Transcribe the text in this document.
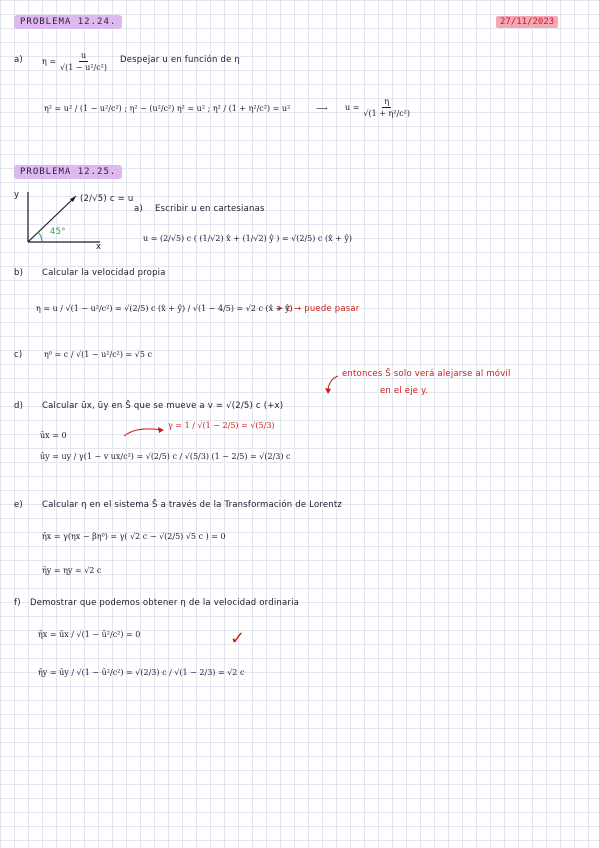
PROBLEMA 12.24.	27/11/2023
a) $\eta = \frac{u}{\text{√(1 − u²/c²)}}$ Despejar u en función de η
η² = u² / (1 − u²/c²) ; η² − (u²/c²) η² = u² ; η² / (1 + η²/c²) = u²	⟶ $u = \frac{\eta}{\text{√(1 + η²/c²)}}$
PROBLEMA 12.25.
y
x
45°
(2/√5) c = u
a) Escribir u en cartesianas
u = (2/√5) c ( (1/√2) x̂ + (1/√2) ŷ ) = √(2/5) c (x̂ + ŷ)
b) Calcular la velocidad propia
η = u / √(1 − u²/c²) = √(2/5) c (x̂ + ŷ) / √(1 − 4/5) = √2 c (x̂ + ŷ)
> c → puede pasar
c)	η⁰ = c / √(1 − u²/c²) = √5 c
entonces S̄ solo verá alejarse al móvil
en el eje y.
d) Calcular ūx, ūy en S̄ que se mueve a v = √(2/5) c (+x)
γ = 1 / √(1 − 2/5) = √(5/3)
ūx = 0
ūy = uy / γ(1 − v ux/c²) = √(2/5) c / √(5/3) (1 − 2/5) = √(2/3) c
e) Calcular η en el sistema S̄ a través de la Transformación de Lorentz
η̄x = γ(ηx − βη⁰) = γ( √2 c − √(2/5) √5 c ) = 0
η̄y = ηy = √2 c
f) Demostrar que podemos obtener η de la velocidad ordinaria
η̄x = ūx / √(1 − ū²/c²) = 0
η̄y = ūy / √(1 − ū²/c²) = √(2/3) c / √(1 − 2/3) = √2 c
✓
